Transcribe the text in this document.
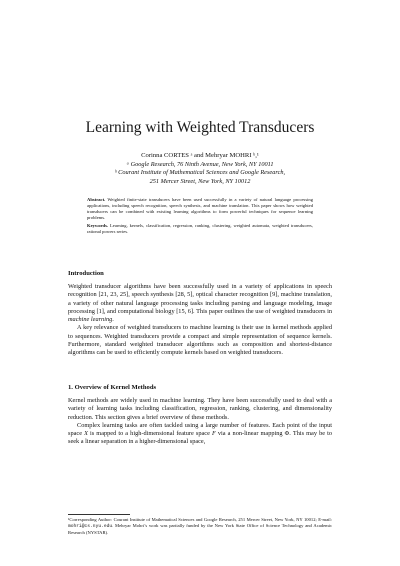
Learning with Weighted Transducers
Corinna CORTES ᵃ and Mehryar MOHRI ᵇ,¹
ᵃ Google Research, 76 Ninth Avenue, New York, NY 10011
ᵇ Courant Institute of Mathematical Sciences and Google Research,
251 Mercer Street, New York, NY 10012

Abstract. Weighted finite-state transducers have been used successfully in a variety of natural language processing applications, including speech recognition, speech synthesis, and machine translation. This paper shows how weighted transducers can be combined with existing learning algorithms to form powerful techniques for sequence learning problems.

Keywords. Learning, kernels, classification, regression, ranking, clustering, weighted automata, weighted transducers, rational powers series.

Introduction

Weighted transducer algorithms have been successfully used in a variety of applications in speech recognition [21, 23, 25], speech synthesis [28, 5], optical character recognition [9], machine translation, a variety of other natural language processing tasks including parsing and language modeling, image processing [1], and computational biology [15, 6]. This paper outlines the use of weighted transducers in machine learning.

A key relevance of weighted transducers to machine learning is their use in kernel methods applied to sequences. Weighted transducers provide a compact and simple representation of sequence kernels. Furthermore, standard weighted transducer algorithms such as composition and shortest-distance algorithms can be used to efficiently compute kernels based on weighted transducers.

1. Overview of Kernel Methods

Kernel methods are widely used in machine learning. They have been successfully used to deal with a variety of learning tasks including classification, regression, ranking, clustering, and dimensionality reduction. This section gives a brief overview of these methods.

Complex learning tasks are often tackled using a large number of features. Each point of the input space X is mapped to a high-dimensional feature space F via a non-linear mapping Φ. This may be to seek a linear separation in a higher-dimensional space,

¹Corresponding Author: Courant Institute of Mathematical Sciences and Google Research, 251 Mercer Street, New York, NY 10012; E-mail: mohri@cs.nyu.edu. Mehryar Mohri’s work was partially funded by the New York State Office of Science Technology and Academic Research (NYSTAR).
